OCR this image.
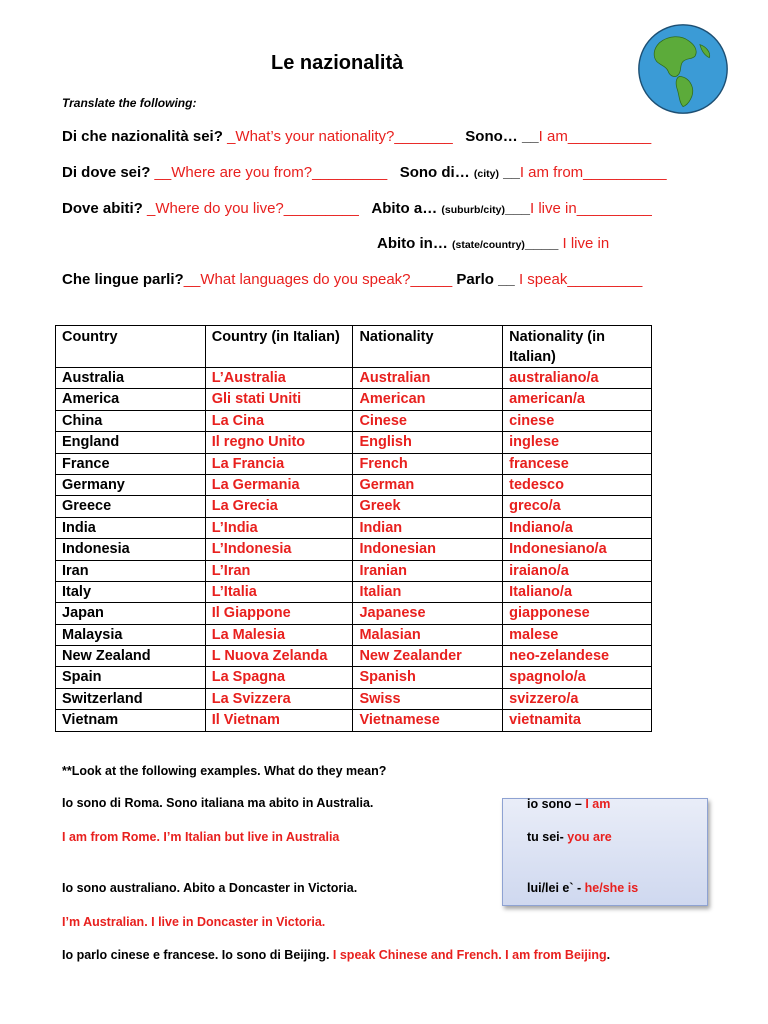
Le nazionalità
Translate the following:
Di che nazionalità sei? _What’s your nationality?_______ Sono… __I am__________
Di dove sei? __Where are you from?_________ Sono di… (city) __I am from__________
Dove abiti? _Where do you live?_________ Abito a… (suburb/city)___I live in_________
Abito in… (state/country)____ I live in
Che lingue parli?__What languages do you speak?_____ Parlo __ I speak_________
Country	Country (in Italian)	Nationality	Nationality (in Italian)
Australia	L’Australia	Australian	australiano/a
America	Gli stati Uniti	American	american/a
China	La Cina	Cinese	cinese
England	Il regno Unito	English	inglese
France	La Francia	French	francese
Germany	La Germania	German	tedesco
Greece	La Grecia	Greek	greco/a
India	L’India	Indian	Indiano/a
Indonesia	L’Indonesia	Indonesian	Indonesiano/a
Iran	L’Iran	Iranian	iraiano/a
Italy	L’Italia	Italian	Italiano/a
Japan	Il Giappone	Japanese	giapponese
Malaysia	La Malesia	Malasian	malese
New Zealand	L Nuova Zelanda	New Zealander	neo-zelandese
Spain	La Spagna	Spanish	spagnolo/a
Switzerland	La Svizzera	Swiss	svizzero/a
Vietnam	Il Vietnam	Vietnamese	vietnamita
**Look at the following examples. What do they mean?
Io sono di Roma. Sono italiana ma abito in Australia.
I am from Rome. I’m Italian but live in Australia
Io sono australiano. Abito a Doncaster in Victoria.
I’m Australian. I live in Doncaster in Victoria.
Io parlo cinese e francese. Io sono di Beijing. I speak Chinese and French. I am from Beijing.
io sono – I am
tu sei- you are
lui/lei e` - he/she is
